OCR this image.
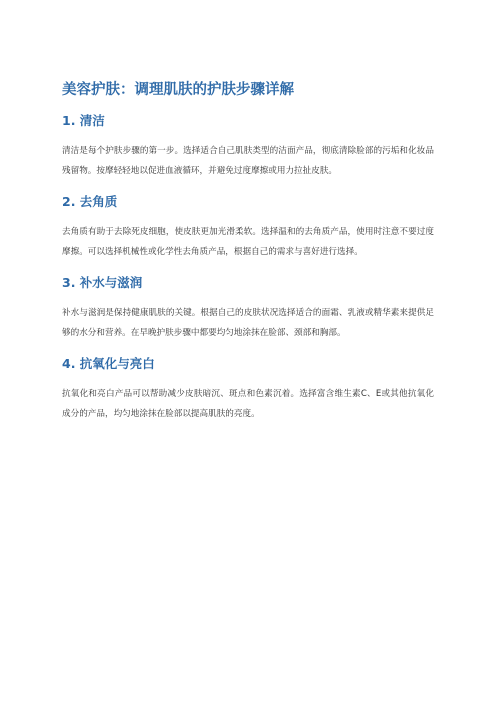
美容护肤：调理肌肤的护肤步骤详解
1. 清洁

清洁是每个护肤步骤的第一步。选择适合自己肌肤类型的洁面产品，彻底清除脸部的污垢和化妆品残留物。按摩轻轻地以促进血液循环，并避免过度摩擦或用力拉扯皮肤。

2. 去角质

去角质有助于去除死皮细胞，使皮肤更加光滑柔软。选择温和的去角质产品，使用时注意不要过度摩擦。可以选择机械性或化学性去角质产品，根据自己的需求与喜好进行选择。

3. 补水与滋润

补水与滋润是保持健康肌肤的关键。根据自己的皮肤状况选择适合的面霜、乳液或精华素来提供足够的水分和营养。在早晚护肤步骤中都要均匀地涂抹在脸部、颈部和胸部。

4. 抗氧化与亮白

抗氧化和亮白产品可以帮助减少皮肤暗沉、斑点和色素沉着。选择富含维生素C、E或其他抗氧化成分的产品，均匀地涂抹在脸部以提高肌肤的亮度。
